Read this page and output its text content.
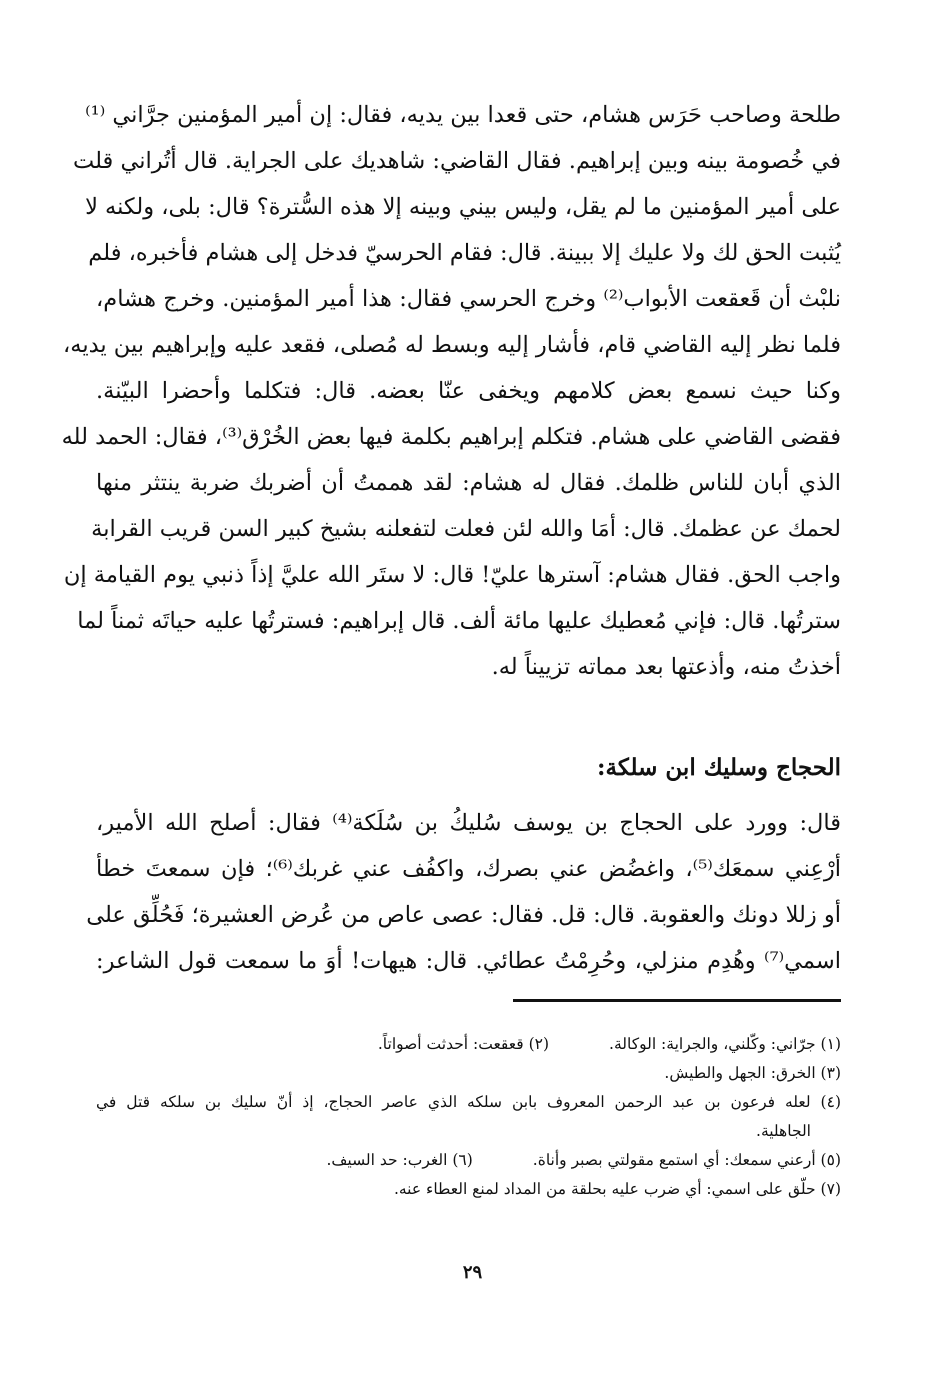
طلحة وصاحب حَرَس هشام، حتى قعدا بين يديه، فقال: إن أمير المؤمنين جرَّاني ⁽¹⁾
في خُصومة بينه وبين إبراهيم. فقال القاضي: شاهديك على الجراية. قال أتُراني قلت
على أمير المؤمنين ما لم يقل، وليس بيني وبينه إلا هذه السُّترة؟ قال: بلى، ولكنه لا
يُثبت الحق لك ولا عليك إلا ببينة. قال: فقام الحرسيّ فدخل إلى هشام فأخبره، فلم
نلبْث أن قَعقعت الأبواب⁽²⁾ وخرج الحرسي فقال: هذا أمير المؤمنين. وخرج هشام،
فلما نظر إليه القاضي قام، فأشار إليه وبسط له مُصلى، فقعد عليه وإبراهيم بين يديه،
وكنا حيث نسمع بعض كلامهم ويخفى عنّا بعضه. قال: فتكلما وأحضرا البيّنة.
فقضى القاضي على هشام. فتكلم إبراهيم بكلمة فيها بعض الخُرْق⁽³⁾، فقال: الحمد لله
الذي أبان للناس ظلمك. فقال له هشام: لقد هممتُ أن أضربك ضربة ينتثر منها
لحمك عن عظمك. قال: أمَا والله لئن فعلت لتفعلنه بشيخ كبير السن قريب القرابة
واجب الحق. فقال هشام: آسترها عليّ! قال: لا ستَر الله عليَّ إذاً ذنبي يوم القيامة إن
سترتُها. قال: فإني مُعطيك عليها مائة ألف. قال إبراهيم: فسترتُها عليه حياتَه ثمناً لما
أخذتُ منه، وأذعتها بعد مماته تزييناً له.
الحجاج وسليك ابن سلكة:
قال: وورد على الحجاج بن يوسف سُليكُ بن سُلَكة⁽⁴⁾ فقال: أصلح الله الأمير،
أرْعِني سمعَك⁽⁵⁾، واغضُض عني بصرك، واكفُف عني غربك⁽⁶⁾؛ فإن سمعتَ خطأ
أو زللا دونك والعقوبة. قال: قل. فقال: عصى عاص من عُرض العشيرة؛ فَحُلِّق على
اسمي⁽⁷⁾ وهُدِم منزلي، وحُرِمْتُ عطائي. قال: هيهات! أوَ ما سمعت قول الشاعر:
(١) جرّاني: وكّلني، والجراية: الوكالة.(٢) قعقعت: أحدثت أصواتاً.
(٣) الخرق: الجهل والطيش.
(٤) لعله فرعون بن عبد الرحمن المعروف بابن سلكه الذي عاصر الحجاج، إذ أنّ سليك بن سلكه قتل في
الجاهلية.
(٥) أرعني سمعك: أي استمع مقولتي بصبر وأناة.(٦) الغرب: حد السيف.
(٧) حلّق على اسمي: أي ضرب عليه بحلقة من المداد لمنع العطاء عنه.
٢٩
